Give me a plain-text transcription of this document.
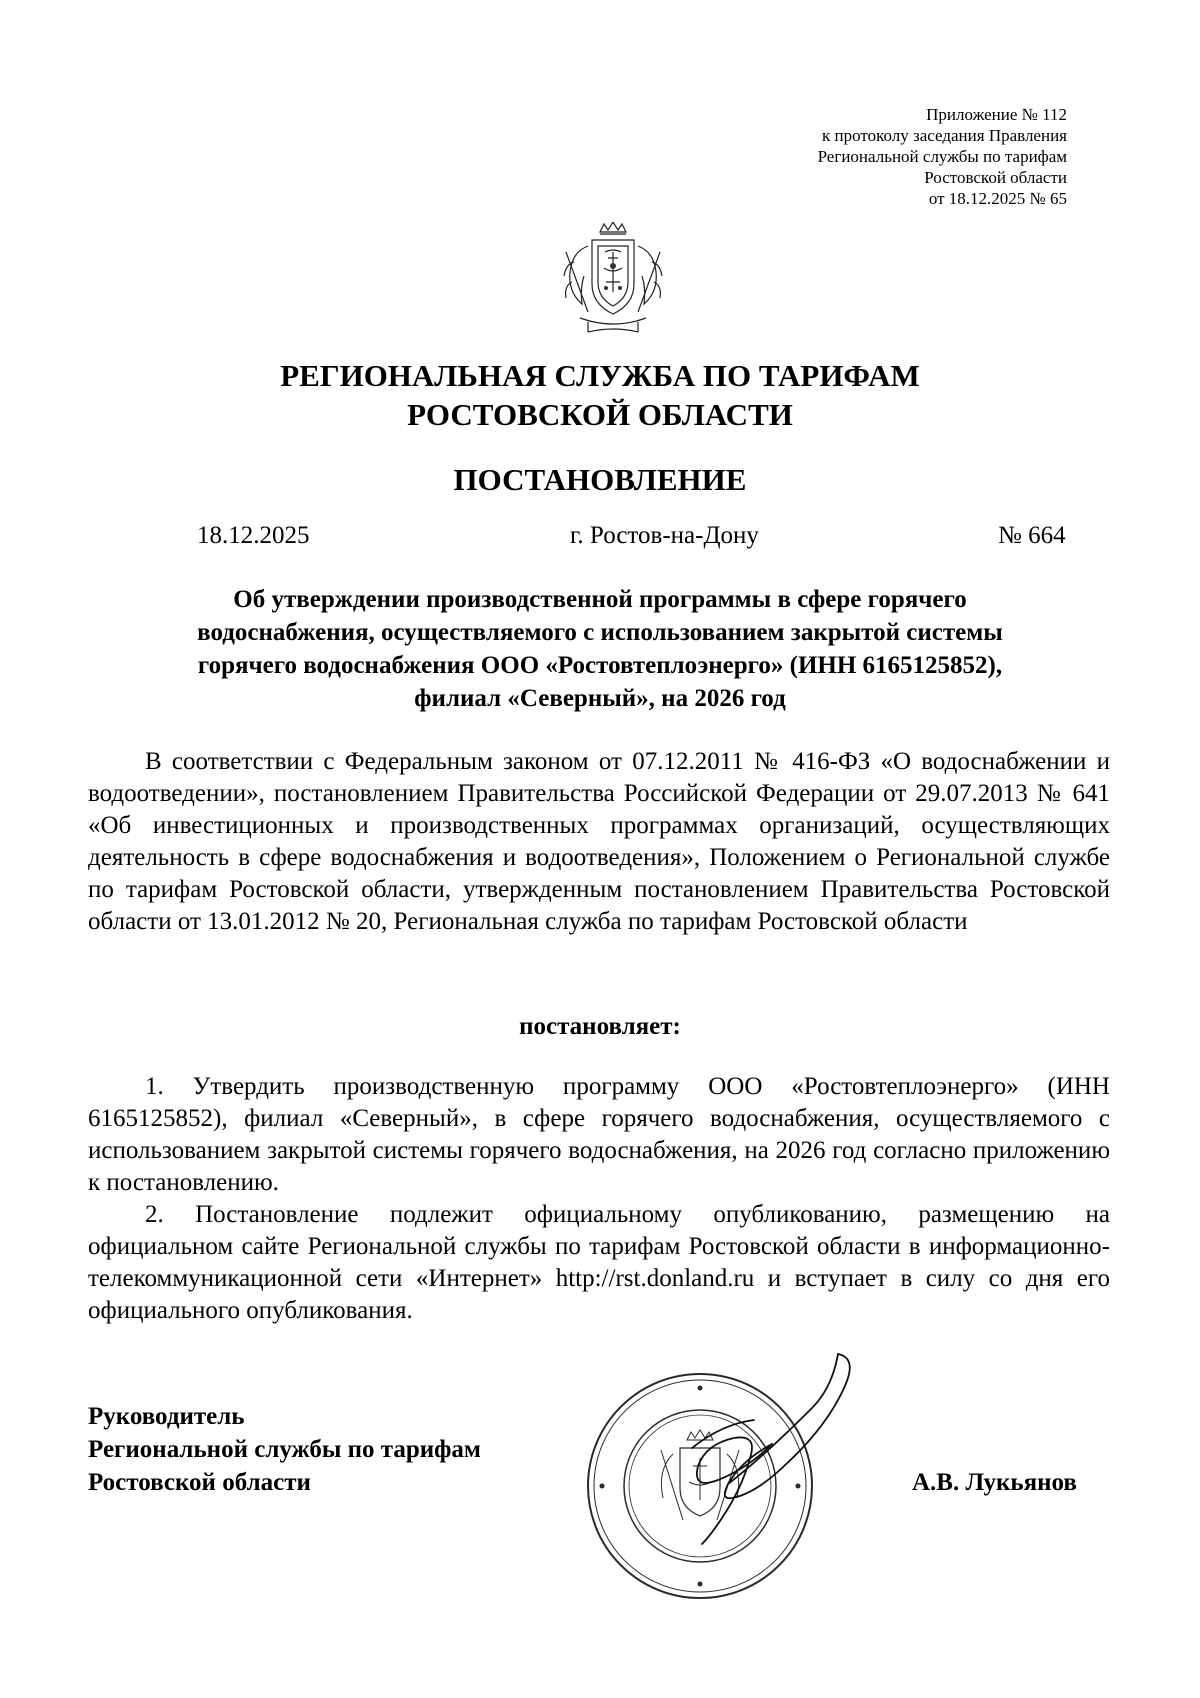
Приложение № 112
к протоколу заседания Правления
Региональной службы по тарифам
Ростовской области
от 18.12.2025 № 65
РЕГИОНАЛЬНАЯ СЛУЖБА ПО ТАРИФАМ
РОСТОВСКОЙ ОБЛАСТИ
ПОСТАНОВЛЕНИЕ
18.12.2025	г. Ростов-на-Дону	№ 664
Об утверждении производственной программы в сфере горячего
водоснабжения, осуществляемого с использованием закрытой системы
горячего водоснабжения ООО «Ростовтеплоэнерго» (ИНН 6165125852),
филиал «Северный», на 2026 год
В соответствии с Федеральным законом от 07.12.2011 № 416-ФЗ «О водоснабжении и водоотведении», постановлением Правительства Российской Федерации от 29.07.2013 № 641 «Об инвестиционных и производственных программах организаций, осуществляющих деятельность в сфере водоснабжения и водоотведения», Положением о Региональной службе по тарифам Ростовской области, утвержденным постановлением Правительства Ростовской области от 13.01.2012 № 20, Региональная служба по тарифам Ростовской области
постановляет:
1. Утвердить производственную программу ООО «Ростовтеплоэнерго» (ИНН 6165125852), филиал «Северный», в сфере горячего водоснабжения, осуществляемого с использованием закрытой системы горячего водоснабжения, на 2026 год согласно приложению к постановлению.
2. Постановление подлежит официальному опубликованию, размещению на официальном сайте Региональной службы по тарифам Ростовской области в информационно-телекоммуникационной сети «Интернет» http://rst.donland.ru и вступает в силу со дня его официального опубликования.
Руководитель
Региональной службы по тарифам
Ростовской области	А.В. Лукьянов
